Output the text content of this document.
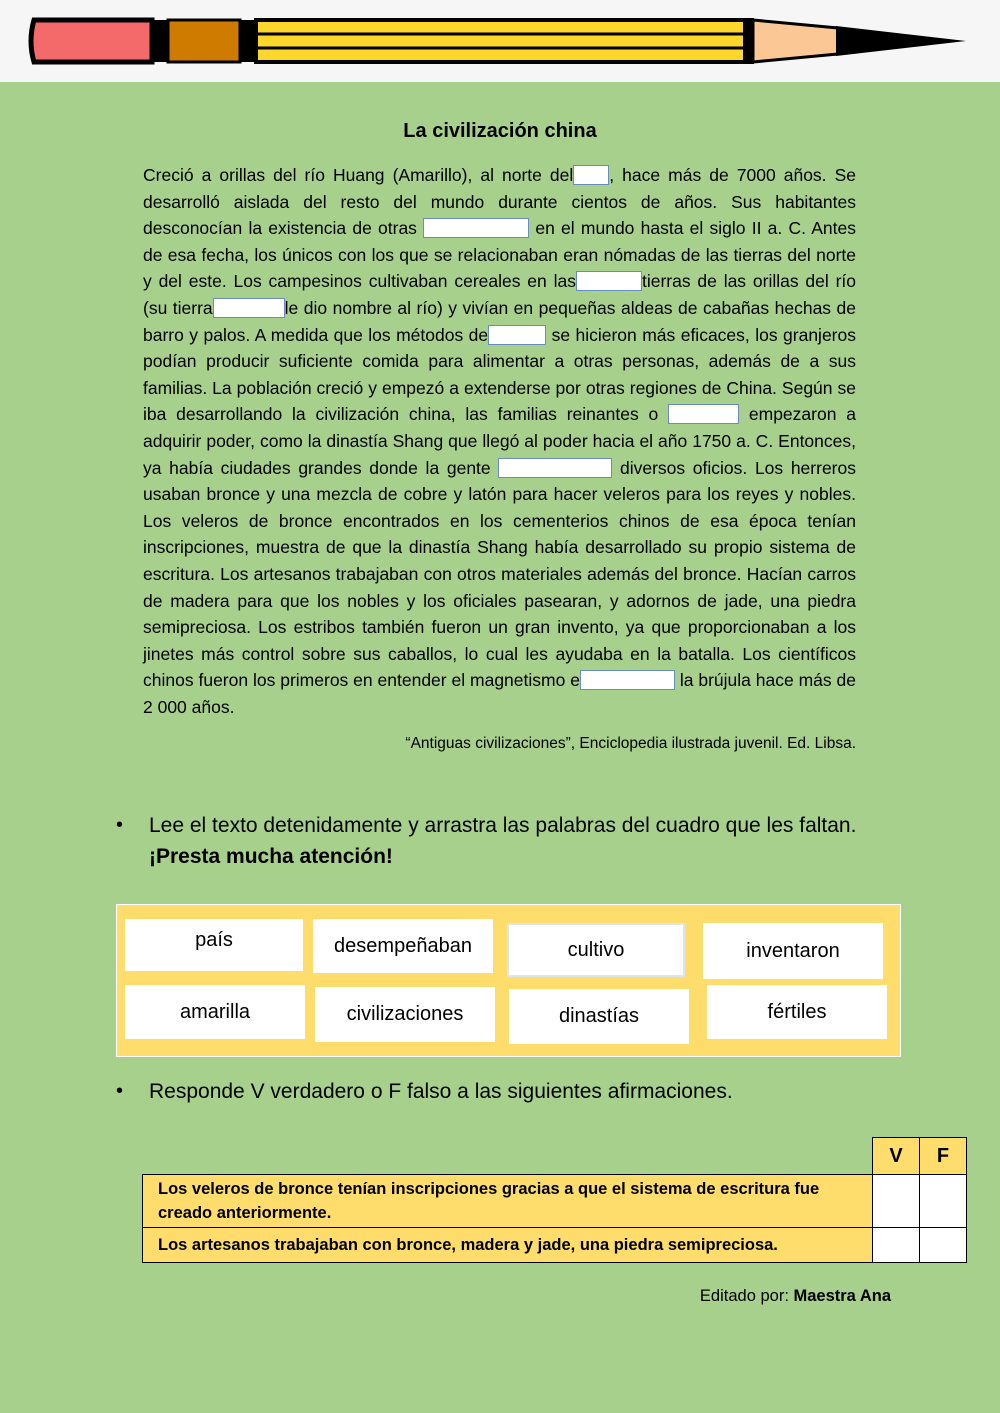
La civilización china
Creció a orillas del río Huang (Amarillo), al norte del , hace más de 7000 años. Se desarrolló aislada del resto del mundo durante cientos de años. Sus habitantes desconocían la existencia de otras	en el mundo hasta el siglo II a. C. Antes de esa fecha, los únicos con los que se relacionaban eran nómadas de las tierras del norte y del este. Los campesinos cultivaban cereales en las	tierras de las orillas del río (su tierra	le dio nombre al río) y vivían en pequeñas aldeas de cabañas hechas de barro y palos. A medida que los métodos de	se hicieron más eficaces, los granjeros podían producir suficiente comida para alimentar a otras personas, además de a sus familias. La población creció y empezó a extenderse por otras regiones de China. Según se iba desarrollando la civilización china, las familias reinantes o	empezaron a adquirir poder, como la dinastía Shang que llegó al poder hacia el año 1750 a. C. Entonces, ya había ciudades grandes donde la gente	diversos oficios. Los herreros usaban bronce y una mezcla de cobre y latón para hacer veleros para los reyes y nobles. Los veleros de bronce encontrados en los cementerios chinos de esa época tenían inscripciones, muestra de que la dinastía Shang había desarrollado su propio sistema de escritura. Los artesanos trabajaban con otros materiales además del bronce. Hacían carros de madera para que los nobles y los oficiales pasearan, y adornos de jade, una piedra semipreciosa. Los estribos también fueron un gran invento, ya que proporcionaban a los jinetes más control sobre sus caballos, lo cual les ayudaba en la batalla. Los científicos chinos fueron los primeros en entender el magnetismo e	la brújula hace más de 2 000 años.
“Antiguas civilizaciones”, Enciclopedia ilustrada juvenil. Ed. Libsa.
•	Lee el texto detenidamente y arrastra las palabras del cuadro que les faltan. ¡Presta mucha atención!
país	desempeñaban	cultivo	inventaron
amarilla	civilizaciones	dinastías	fértiles
•	Responde V verdadero o F falso a las siguientes afirmaciones.
	V	F
Los veleros de bronce tenían inscripciones gracias a que el sistema de escritura fue creado anteriormente.		
Los artesanos trabajaban con bronce, madera y jade, una piedra semipreciosa.		
Editado por: Maestra Ana
